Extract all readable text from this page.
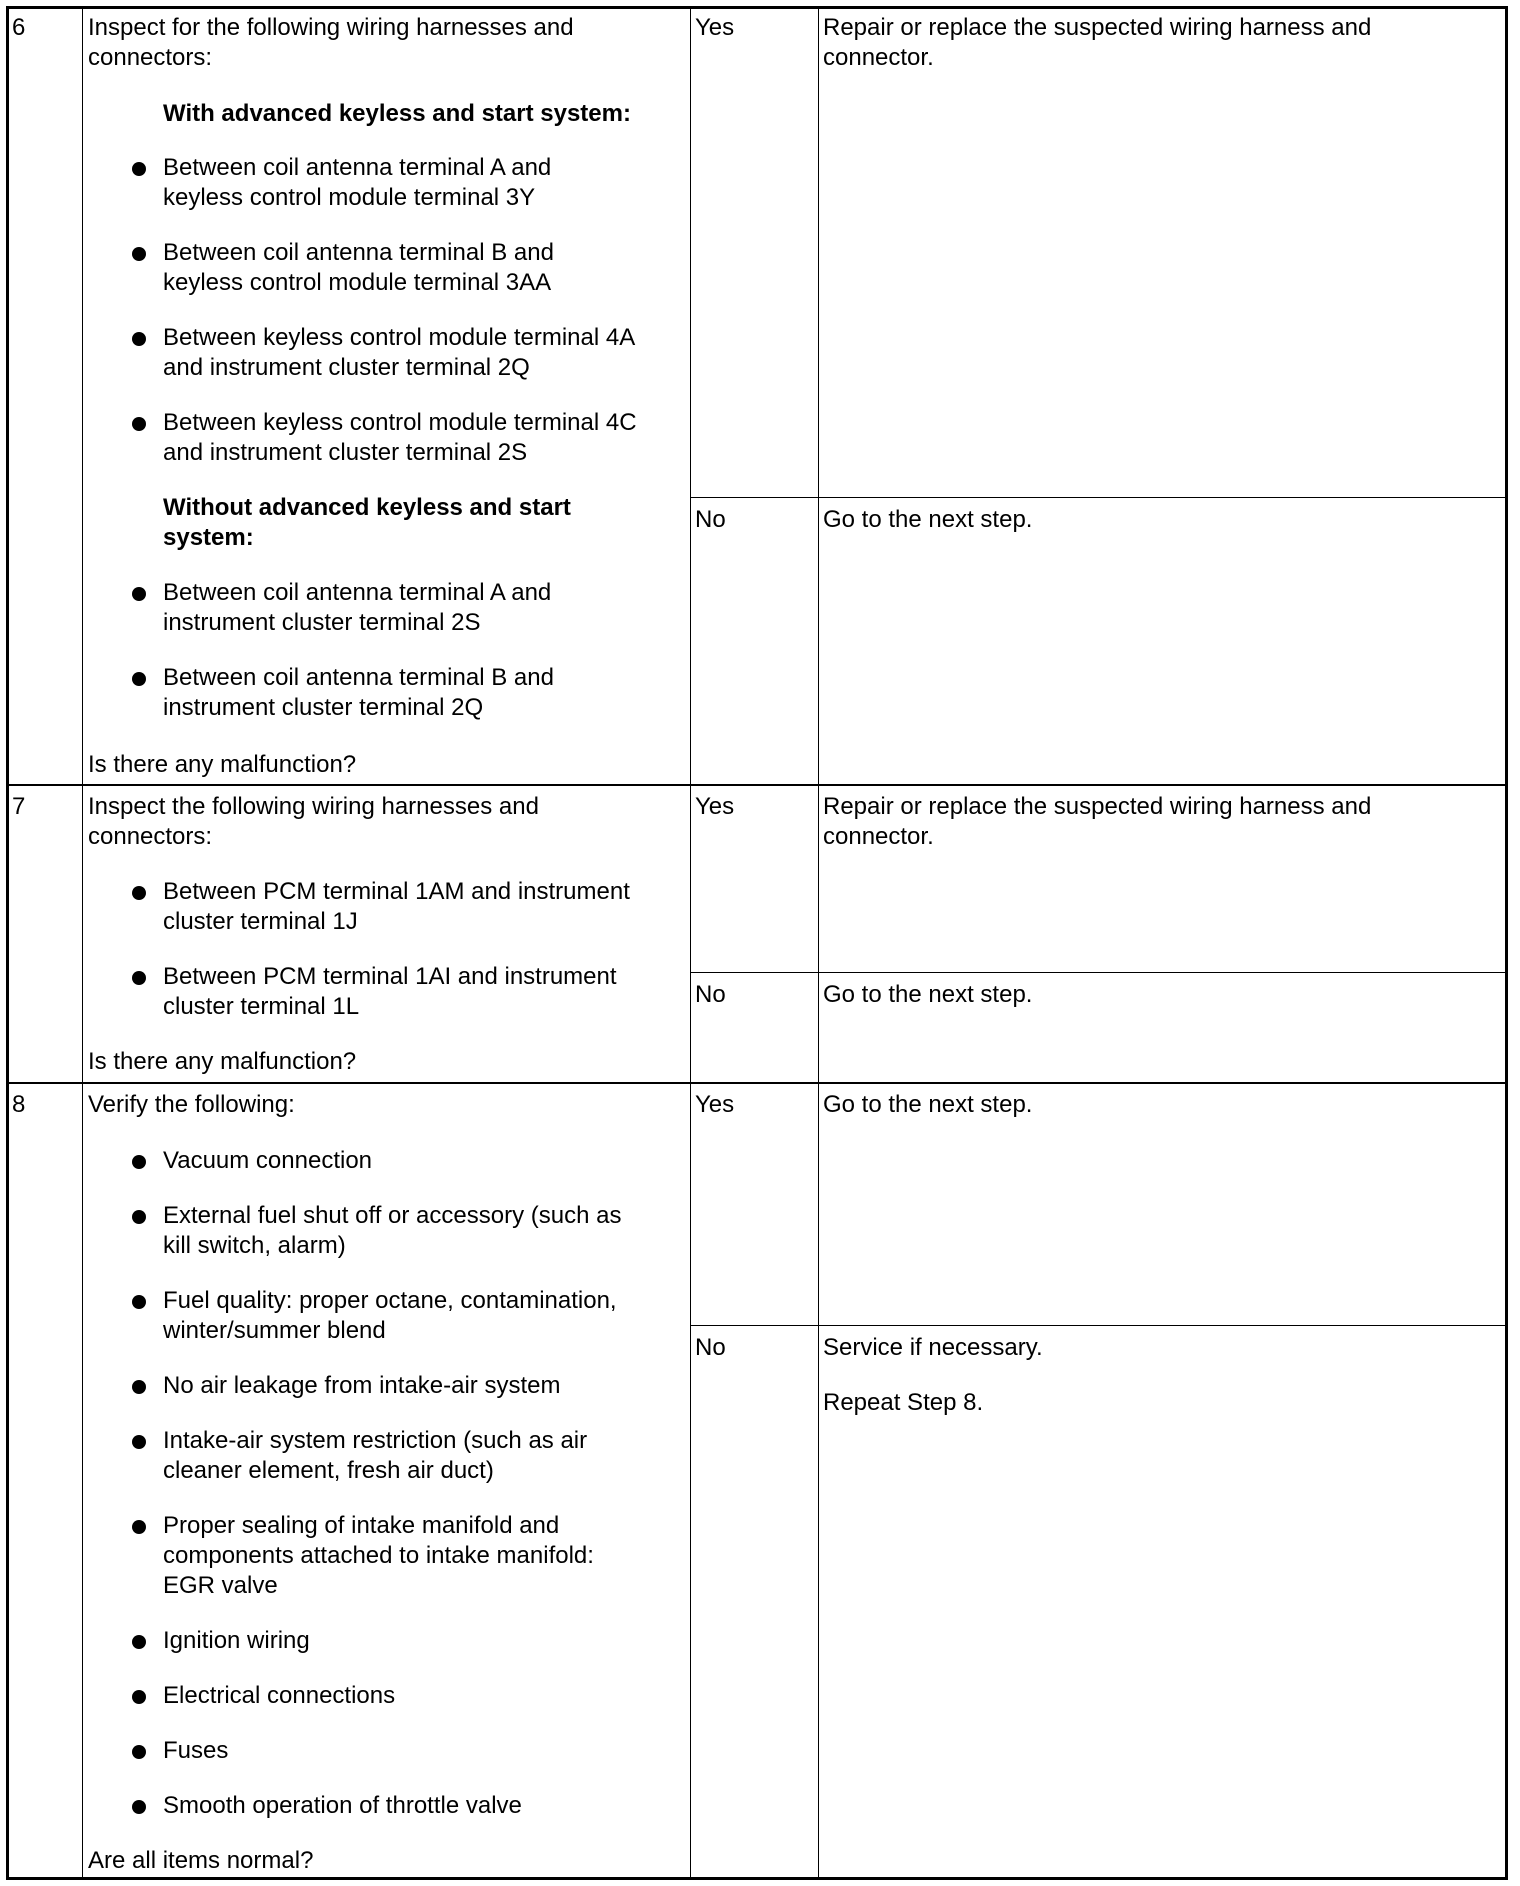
6	Inspect for the following wiring harnesses and
connectors:
With advanced keyless and start system:
Between coil antenna terminal A and
keyless control module terminal 3Y
Between coil antenna terminal B and
keyless control module terminal 3AA
Between keyless control module terminal 4A
and instrument cluster terminal 2Q
Between keyless control module terminal 4C
and instrument cluster terminal 2S
Without advanced keyless and start
system:
Between coil antenna terminal A and
instrument cluster terminal 2S
Between coil antenna terminal B and
instrument cluster terminal 2Q
Is there any malfunction?
Yes	Repair or replace the suspected wiring harness and
connector.
No	Go to the next step.
7	Inspect the following wiring harnesses and
connectors:
Between PCM terminal 1AM and instrument
cluster terminal 1J
Between PCM terminal 1AI and instrument
cluster terminal 1L
Is there any malfunction?
Yes	Repair or replace the suspected wiring harness and
connector.
No	Go to the next step.
8	Verify the following:
Vacuum connection
External fuel shut off or accessory (such as
kill switch, alarm)
Fuel quality: proper octane, contamination,
winter/summer blend
No air leakage from intake-air system
Intake-air system restriction (such as air
cleaner element, fresh air duct)
Proper sealing of intake manifold and
components attached to intake manifold:
EGR valve
Ignition wiring
Electrical connections
Fuses
Smooth operation of throttle valve
Are all items normal?
Yes	Go to the next step.
No	Service if necessary.
Repeat Step 8.
